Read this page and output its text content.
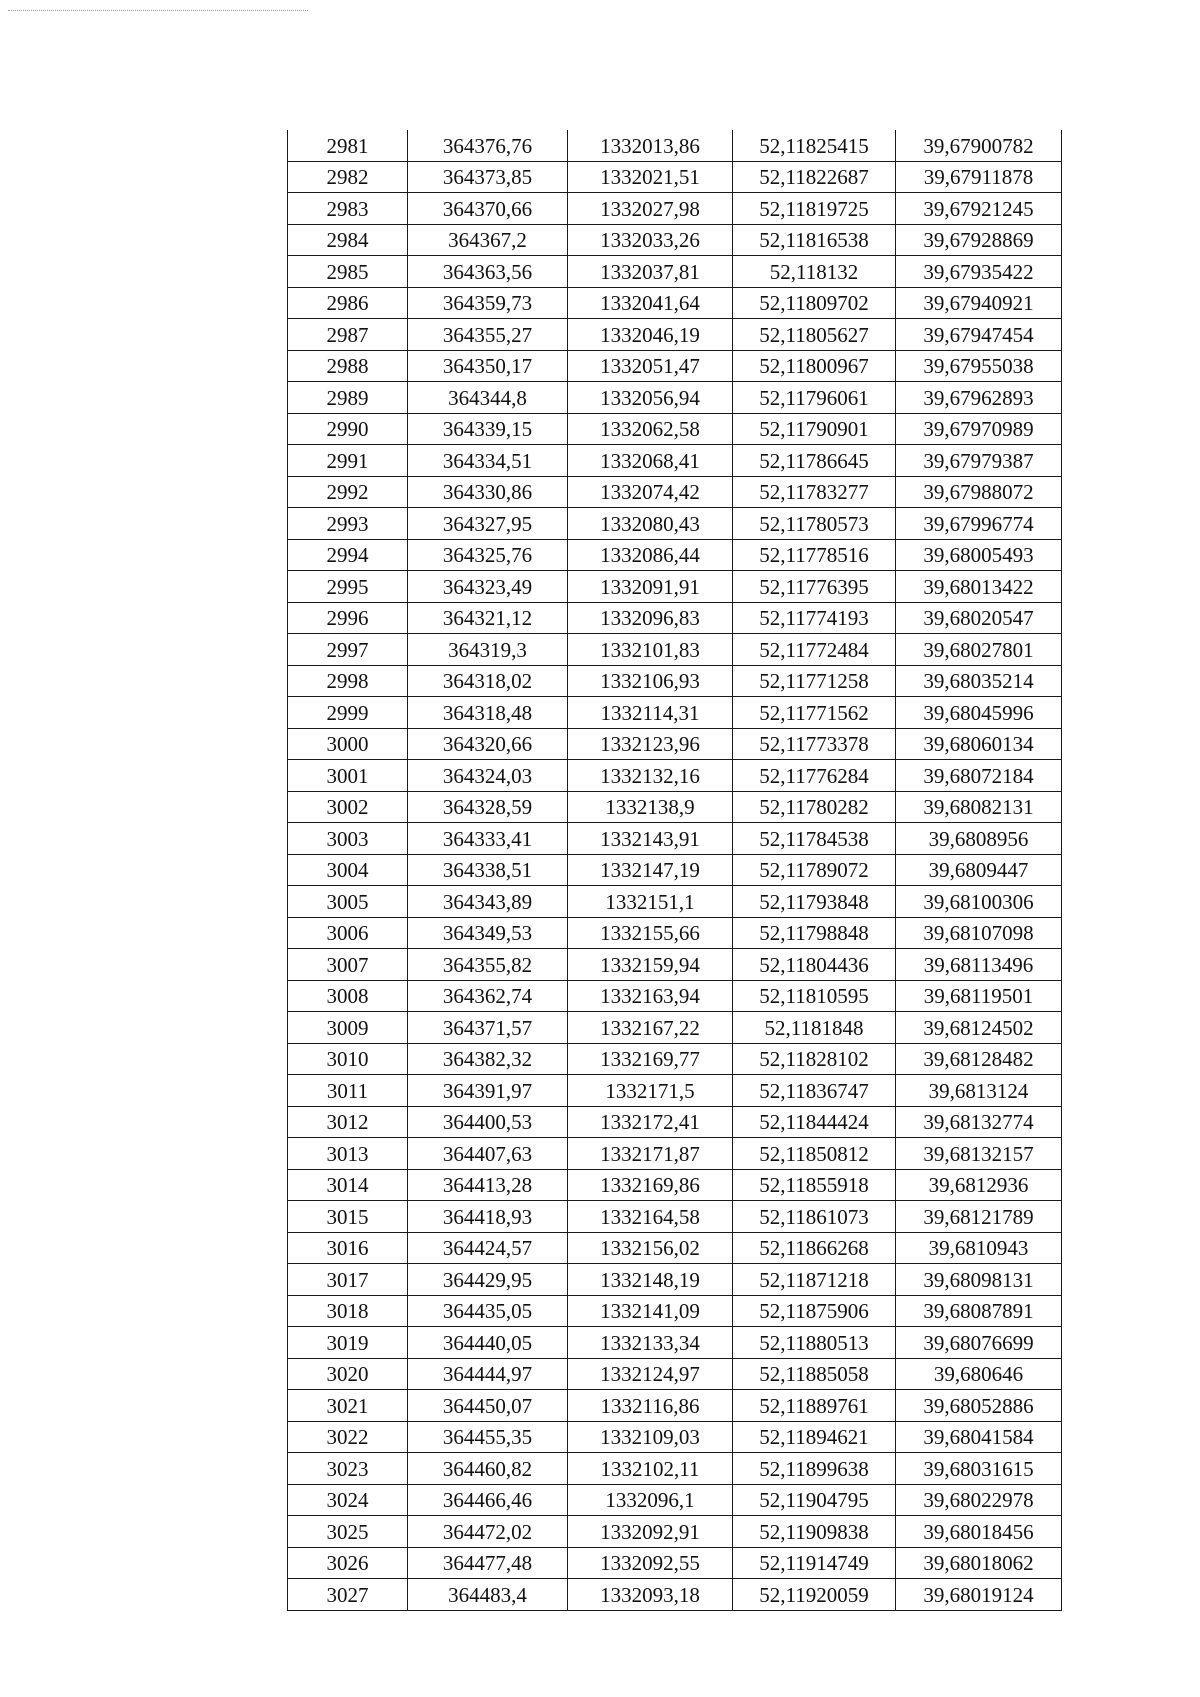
2981	364376,76	1332013,86	52,11825415	39,67900782
2982	364373,85	1332021,51	52,11822687	39,67911878
2983	364370,66	1332027,98	52,11819725	39,67921245
2984	364367,2	1332033,26	52,11816538	39,67928869
2985	364363,56	1332037,81	52,118132	39,67935422
2986	364359,73	1332041,64	52,11809702	39,67940921
2987	364355,27	1332046,19	52,11805627	39,67947454
2988	364350,17	1332051,47	52,11800967	39,67955038
2989	364344,8	1332056,94	52,11796061	39,67962893
2990	364339,15	1332062,58	52,11790901	39,67970989
2991	364334,51	1332068,41	52,11786645	39,67979387
2992	364330,86	1332074,42	52,11783277	39,67988072
2993	364327,95	1332080,43	52,11780573	39,67996774
2994	364325,76	1332086,44	52,11778516	39,68005493
2995	364323,49	1332091,91	52,11776395	39,68013422
2996	364321,12	1332096,83	52,11774193	39,68020547
2997	364319,3	1332101,83	52,11772484	39,68027801
2998	364318,02	1332106,93	52,11771258	39,68035214
2999	364318,48	1332114,31	52,11771562	39,68045996
3000	364320,66	1332123,96	52,11773378	39,68060134
3001	364324,03	1332132,16	52,11776284	39,68072184
3002	364328,59	1332138,9	52,11780282	39,68082131
3003	364333,41	1332143,91	52,11784538	39,6808956
3004	364338,51	1332147,19	52,11789072	39,6809447
3005	364343,89	1332151,1	52,11793848	39,68100306
3006	364349,53	1332155,66	52,11798848	39,68107098
3007	364355,82	1332159,94	52,11804436	39,68113496
3008	364362,74	1332163,94	52,11810595	39,68119501
3009	364371,57	1332167,22	52,1181848	39,68124502
3010	364382,32	1332169,77	52,11828102	39,68128482
3011	364391,97	1332171,5	52,11836747	39,6813124
3012	364400,53	1332172,41	52,11844424	39,68132774
3013	364407,63	1332171,87	52,11850812	39,68132157
3014	364413,28	1332169,86	52,11855918	39,6812936
3015	364418,93	1332164,58	52,11861073	39,68121789
3016	364424,57	1332156,02	52,11866268	39,6810943
3017	364429,95	1332148,19	52,11871218	39,68098131
3018	364435,05	1332141,09	52,11875906	39,68087891
3019	364440,05	1332133,34	52,11880513	39,68076699
3020	364444,97	1332124,97	52,11885058	39,680646
3021	364450,07	1332116,86	52,11889761	39,68052886
3022	364455,35	1332109,03	52,11894621	39,68041584
3023	364460,82	1332102,11	52,11899638	39,68031615
3024	364466,46	1332096,1	52,11904795	39,68022978
3025	364472,02	1332092,91	52,11909838	39,68018456
3026	364477,48	1332092,55	52,11914749	39,68018062
3027	364483,4	1332093,18	52,11920059	39,68019124
